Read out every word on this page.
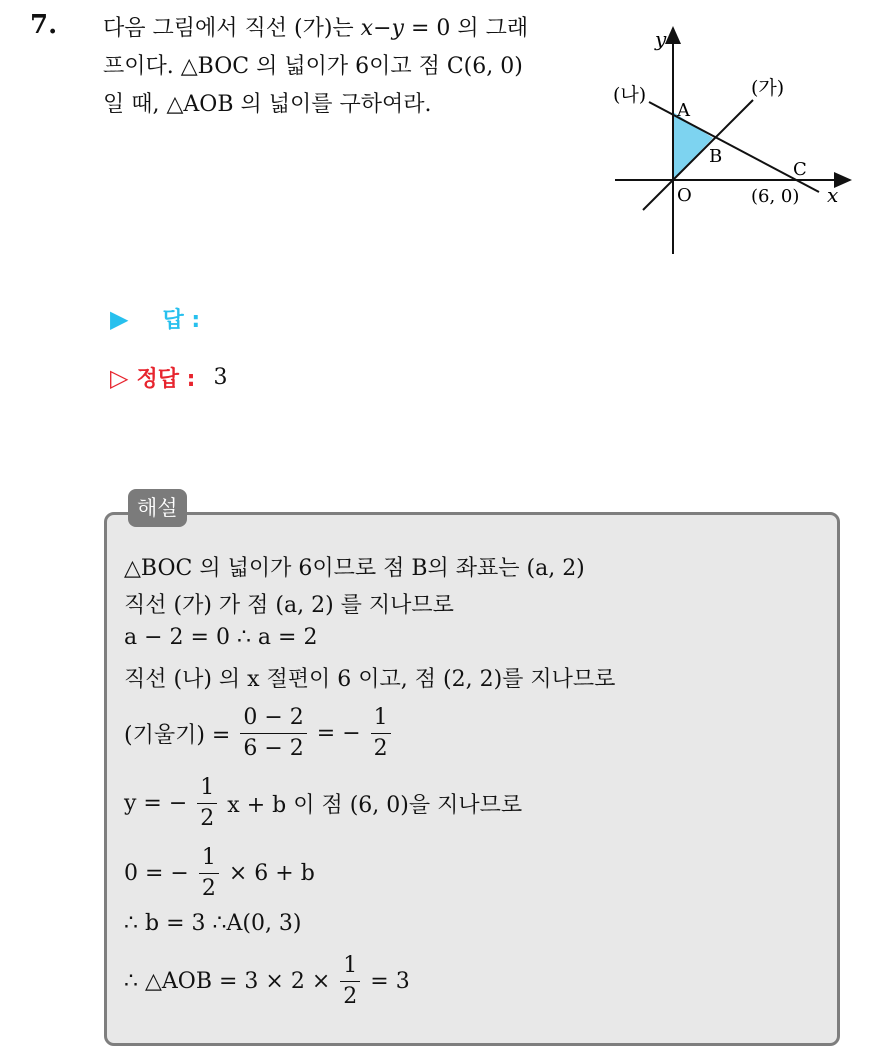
7. 다음 그림에서 직선 (가)는 x−y = 0 의 그래
프이다. △BOC 의 넓이가 6이고 점 C(6, 0)
일 때, △AOB 의 넓이를 구하여라.
y
x
(나)	(가)
A
B
C
O	(6, 0)
▶ 답 :
▷ 정답 : 3
해설
△BOC 의 넓이가 6이므로 점 B의 좌표는 (a, 2)
직선 (가) 가 점 (a, 2) 를 지나므로
a − 2 = 0 ∴ a = 2
직선 (나) 의 x 절편이 6 이고, 점 (2, 2)를 지나므로
(기울기) = $\frac{0 - 2}{6 - 2}$ = − $\frac{1}{2}$
y = − $\frac{1}{2}$ x + b 이 점 (6, 0)을 지나므로
0 = − $\frac{1}{2} \times 6 + b$
∴ b = 3 ∴A(0, 3)
∴ △AOB = $3 \times 2 \times \frac{1}{2} = 3$
